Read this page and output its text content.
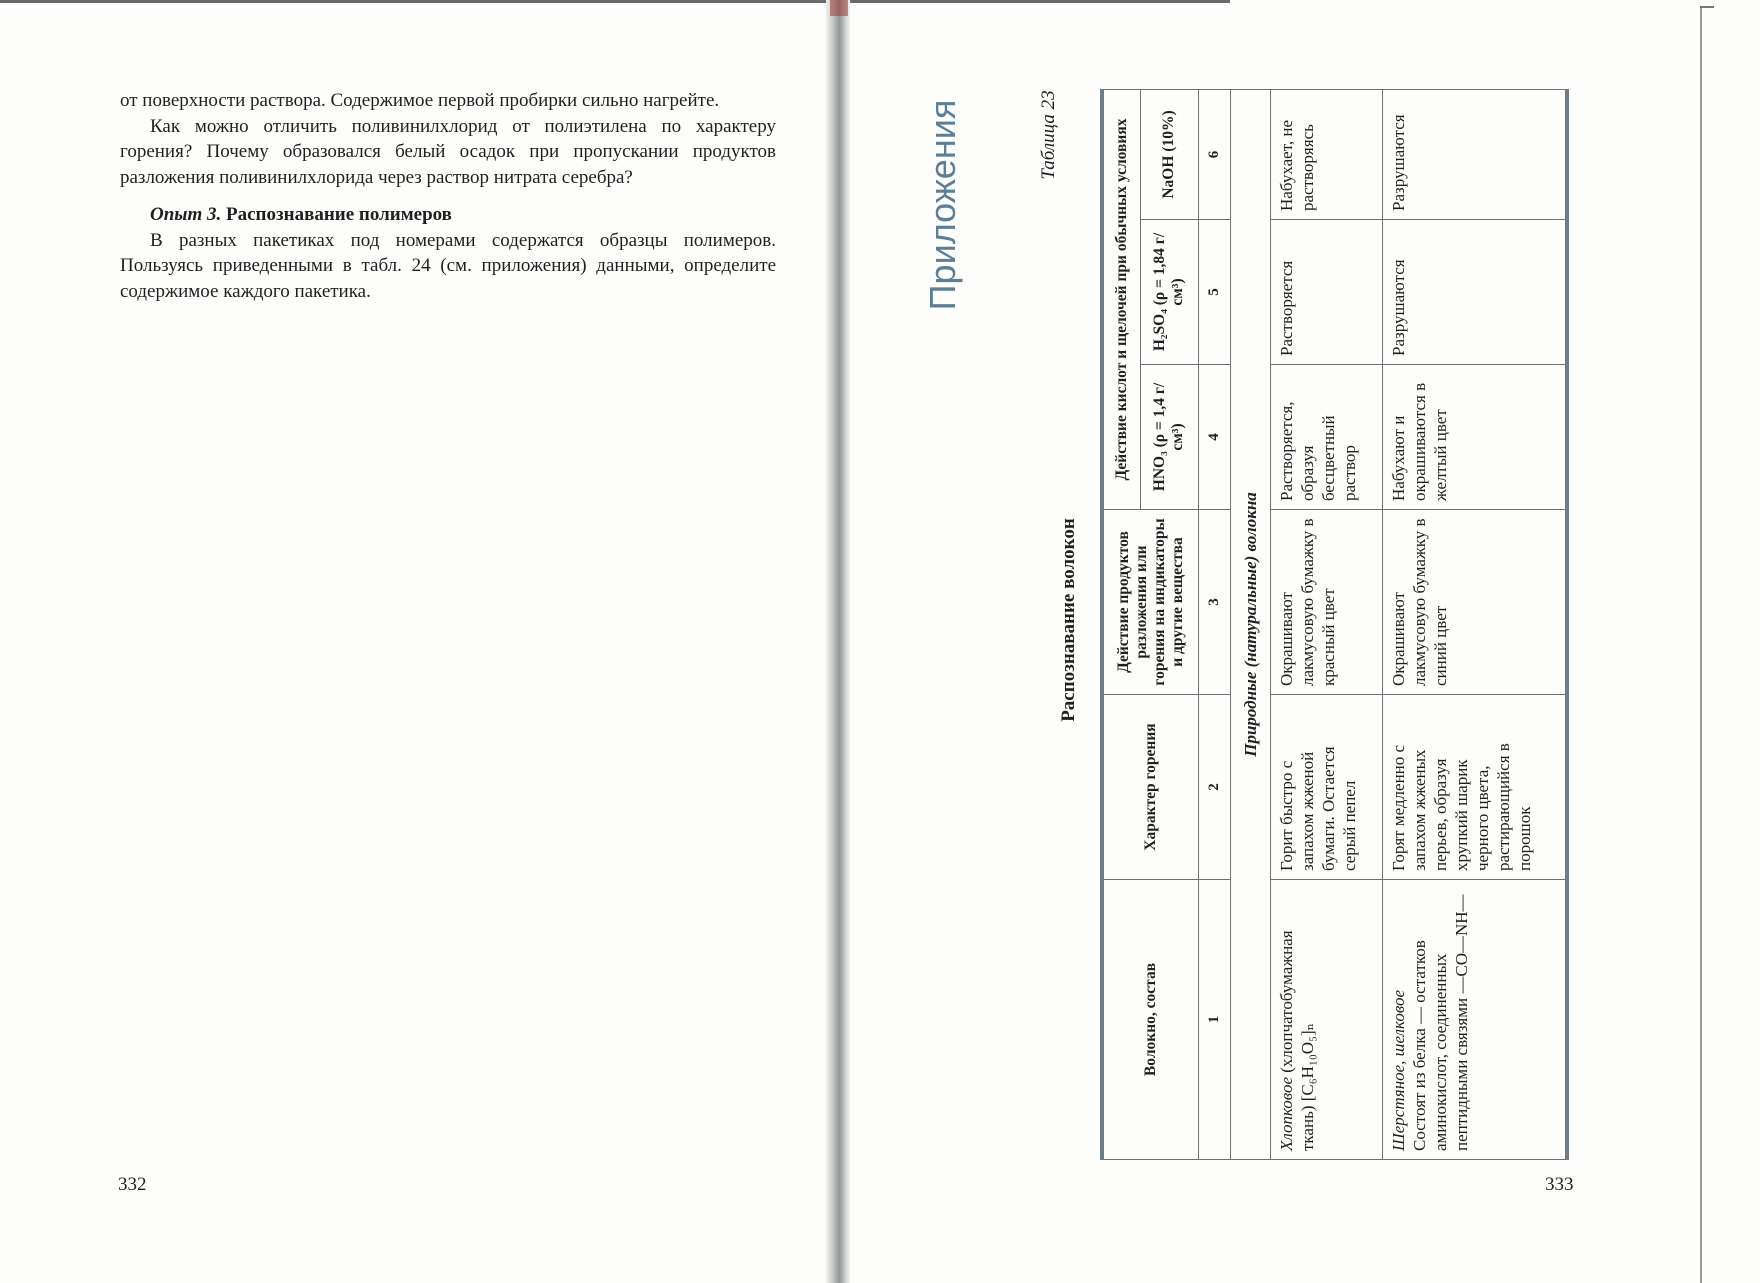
от поверхности раствора. Содержимое первой пробирки сильно нагрейте.

Как можно отличить поливинилхлорид от полиэтилена по характеру горения? Почему образовался белый осадок при пропускании продуктов разложения поливинилхлорида через раствор нитрата серебра?

Опыт 3. Распознавание полимеров

В разных пакетиках под номерами содержатся образцы полимеров. Пользуясь приведенными в табл. 24 (см. приложения) данными, определите содержимое каждого пакетика.

332
Приложения	Таблица 23
Распознавание волокон
Волокно, состав	Характер горения	Действие продуктов разложения или горения на индикаторы и другие вещества	Действие кислот и щелочей при обычных условиях		
			HNO₃ (ρ = 1,4 г/см³)	H₂SO₄ (ρ = 1,84 г/см³)	NaOH (10%)
1	2	3	4	5	6
Природные (натуральные) волокна					
Хлопковое (хлопчатобумажная ткань) [C₆H₁₀O₅]ₙ	Горит быстро с запахом жженой бумаги. Остается серый пепел	Окрашивают лакмусовую бумажку в красный цвет	Растворяется, образуя бесцветный раствор	Растворяется	Набухает, не растворяясь
Шерстяное, шелковое Состоят из белка — остатков аминокислот, соединенных пептидными связями —CO—NH—	Горят медленно с запахом жженых перьев, образуя хрупкий шарик черного цвета, растирающийся в порошок	Окрашивают лакмусовую бумажку в синий цвет	Набухают и окрашиваются в желтый цвет	Разрушаются	Разрушаются
333
